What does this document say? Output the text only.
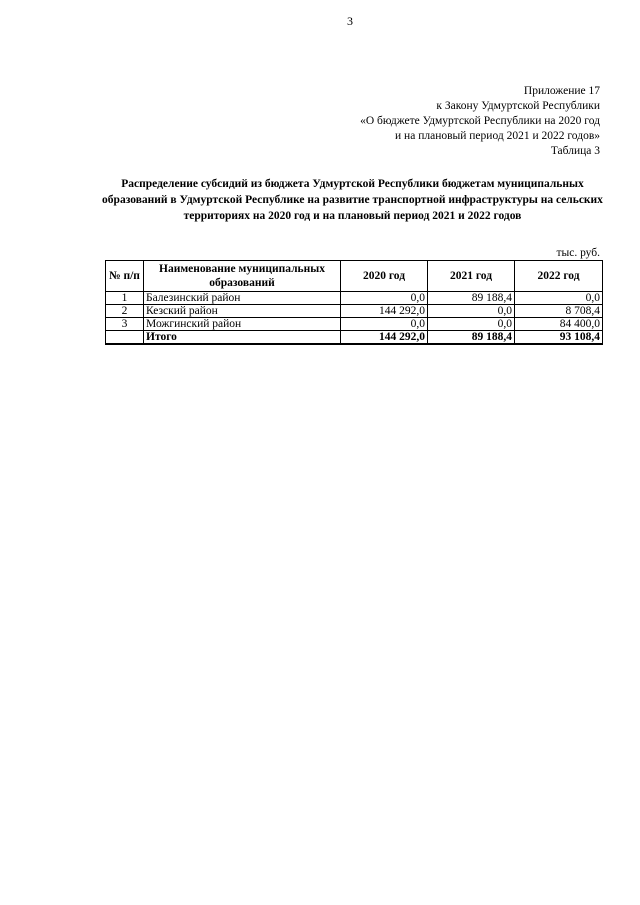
3
Приложение 17
к Закону Удмуртской Республики
«О бюджете Удмуртской Республики на 2020 год
и на плановый период 2021 и 2022 годов»
Таблица 3
Распределение субсидий из бюджета Удмуртской Республики бюджетам муниципальных образований в Удмуртской Республике на развитие транспортной инфраструктуры на сельских территориях на 2020 год и на плановый период 2021 и 2022 годов
тыс. руб.
№ п/п	Наименование муниципальных образований	2020 год	2021 год	2022 год
1	Балезинский район	0,0	89 188,4	0,0
2	Кезский район	144 292,0	0,0	8 708,4
3	Можгинский район	0,0	0,0	84 400,0
	Итого	144 292,0	89 188,4	93 108,4
